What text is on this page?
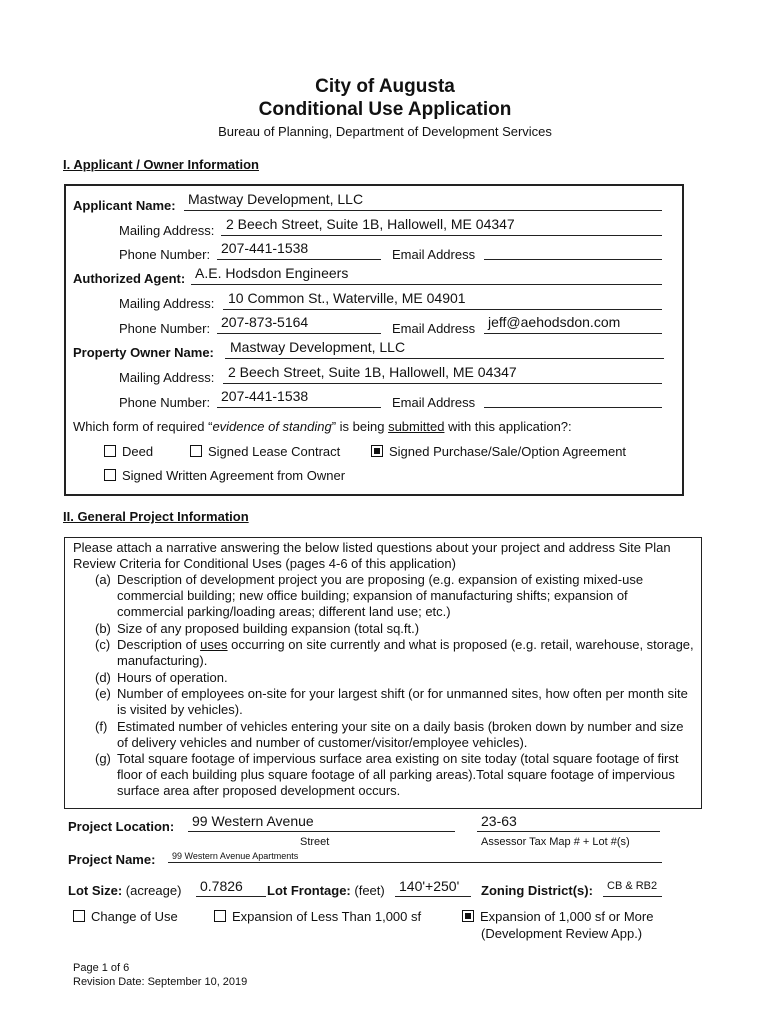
City of Augusta
Conditional Use Application
Bureau of Planning, Department of Development Services
I. Applicant / Owner Information
Applicant Name: Mastway Development, LLC
Mailing Address: 2 Beech Street, Suite 1B, Hallowell, ME 04347
Phone Number: 207-441-1538	Email Address
Authorized Agent: A.E. Hodsdon Engineers
Mailing Address: 10 Common St., Waterville, ME 04901
Phone Number: 207-873-5164	Email Address jeff@aehodsdon.com
Property Owner Name: Mastway Development, LLC
Mailing Address: 2 Beech Street, Suite 1B, Hallowell, ME 04347
Phone Number: 207-441-1538	Email Address
Which form of required “evidence of standing” is being submitted with this application?:
Deed	Signed Lease Contract	Signed Purchase/Sale/Option Agreement
Signed Written Agreement from Owner
II. General Project Information
Please attach a narrative answering the below listed questions about your project and address Site Plan Review Criteria for Conditional Uses (pages 4-6 of this application)
(a) Description of development project you are proposing (e.g. expansion of existing mixed-use commercial building; new office building; expansion of manufacturing shifts; expansion of commercial parking/loading areas; different land use; etc.)
(b) Size of any proposed building expansion (total sq.ft.)
(c) Description of uses occurring on site currently and what is proposed (e.g. retail, warehouse, storage, manufacturing).
(d) Hours of operation.
(e) Number of employees on-site for your largest shift (or for unmanned sites, how often per month site is visited by vehicles).
(f) Estimated number of vehicles entering your site on a daily basis (broken down by number and size of delivery vehicles and number of customer/visitor/employee vehicles).
(g) Total square footage of impervious surface area existing on site today (total square footage of first floor of each building plus square footage of all parking areas).Total square footage of impervious surface area after proposed development occurs.
Project Location: 99 Western Avenue
Street
23-63
Assessor Tax Map # + Lot #(s)
Project Name: 99 Western Avenue Apartments
Lot Size: (acreage) 0.7826 Lot Frontage: (feet) 140'+250' Zoning District(s): CB & RB2
Change of Use	Expansion of Less Than 1,000 sf	Expansion of 1,000 sf or More
(Development Review App.)
Page 1 of 6
Revision Date: September 10, 2019
